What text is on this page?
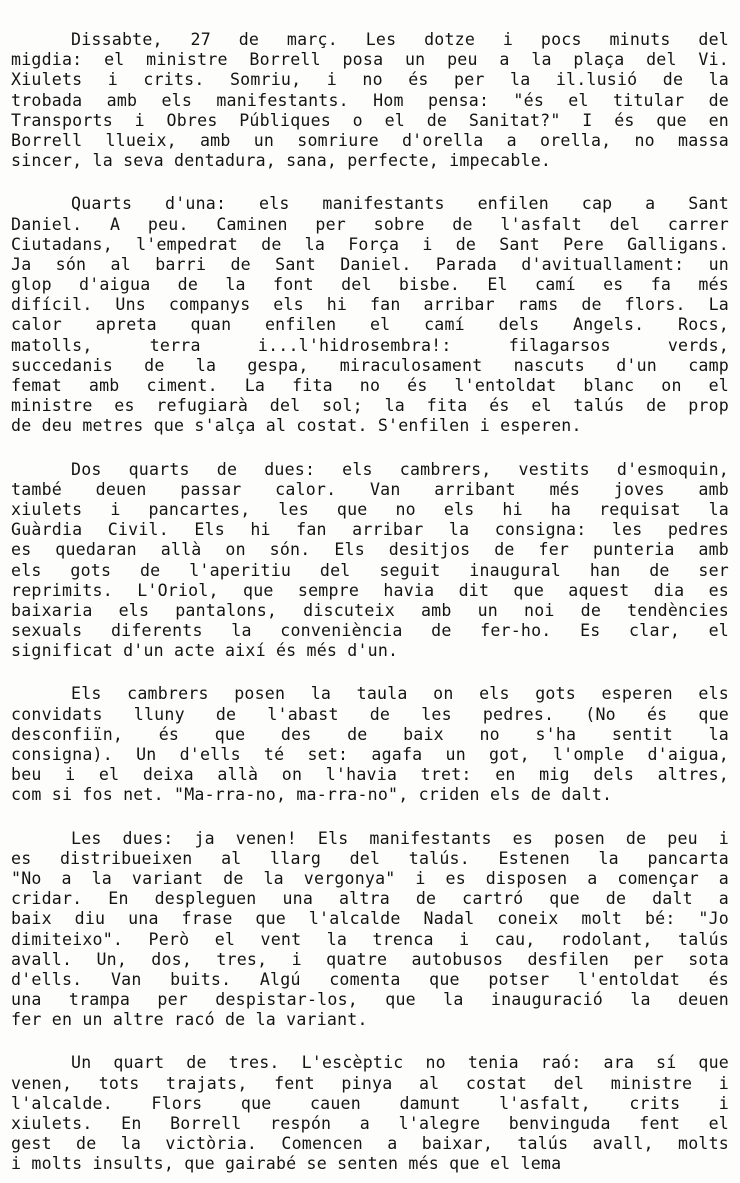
Dissabte, 27 de març. Les dotze i pocs minuts del
migdia: el ministre Borrell posa un peu a la plaça del Vi.
Xiulets i crits. Somriu, i no és per la il.lusió de la
trobada amb els manifestants. Hom pensa: "és el titular de
Transports i Obres Públiques o el de Sanitat?" I és que en
Borrell llueix, amb un somriure d'orella a orella, no massa
sincer, la seva dentadura, sana, perfecte, impecable.
Quarts d'una: els manifestants enfilen cap a Sant
Daniel. A peu. Caminen per sobre de l'asfalt del carrer
Ciutadans, l'empedrat de la Força i de Sant Pere Galligans.
Ja són al barri de Sant Daniel. Parada d'avituallament: un
glop d'aigua de la font del bisbe. El camí es fa més
difícil. Uns companys els hi fan arribar rams de flors. La
calor apreta quan enfilen el camí dels Angels. Rocs,
matolls, terra i...l'hidrosembra!: filagarsos verds,
succedanis de la gespa, miraculosament nascuts d'un camp
femat amb ciment. La fita no és l'entoldat blanc on el
ministre es refugiarà del sol; la fita és el talús de prop
de deu metres que s'alça al costat. S'enfilen i esperen.
Dos quarts de dues: els cambrers, vestits d'esmoquin,
també deuen passar calor. Van arribant més joves amb
xiulets i pancartes, les que no els hi ha requisat la
Guàrdia Civil. Els hi fan arribar la consigna: les pedres
es quedaran allà on són. Els desitjos de fer punteria amb
els gots de l'aperitiu del seguit inaugural han de ser
reprimits. L'Oriol, que sempre havia dit que aquest dia es
baixaria els pantalons, discuteix amb un noi de tendències
sexuals diferents la conveniència de fer-ho. Es clar, el
significat d'un acte així és més d'un.
Els cambrers posen la taula on els gots esperen els
convidats lluny de l'abast de les pedres. (No és que
desconfiïn, és que des de baix no s'ha sentit la
consigna). Un d'ells té set: agafa un got, l'omple d'aigua,
beu i el deixa allà on l'havia tret: en mig dels altres,
com si fos net. "Ma-rra-no, ma-rra-no", criden els de dalt.
Les dues: ja venen! Els manifestants es posen de peu i
es distribueixen al llarg del talús. Estenen la pancarta
"No a la variant de la vergonya" i es disposen a començar a
cridar. En despleguen una altra de cartró que de dalt a
baix diu una frase que l'alcalde Nadal coneix molt bé: "Jo
dimiteixo". Però el vent la trenca i cau, rodolant, talús
avall. Un, dos, tres, i quatre autobusos desfilen per sota
d'ells. Van buits. Algú comenta que potser l'entoldat és
una trampa per despistar-los, que la inauguració la deuen
fer en un altre racó de la variant.
Un quart de tres. L'escèptic no tenia raó: ara sí que
venen, tots trajats, fent pinya al costat del ministre i
l'alcalde. Flors que cauen damunt l'asfalt, crits i
xiulets. En Borrell respón a l'alegre benvinguda fent el
gest de la victòria. Comencen a baixar, talús avall, molts
i molts insults, que gairabé se senten més que el lema
